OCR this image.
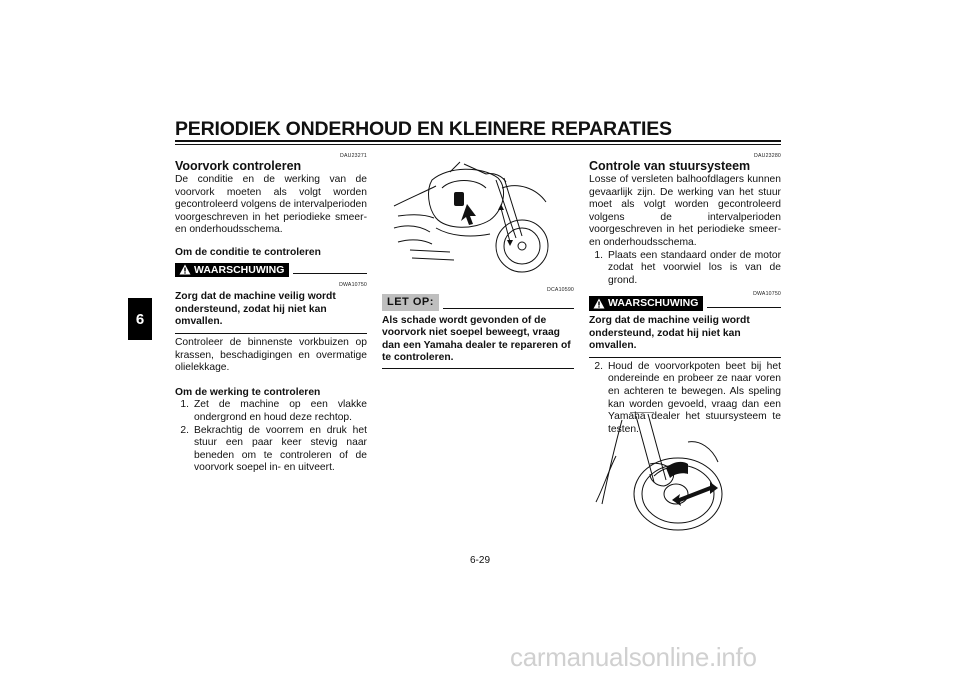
PERIODIEK ONDERHOUD EN KLEINERE REPARATIES
6
DAU23271
Voorvork controleren
De conditie en de werking van de voorvork moeten als volgt worden gecontroleerd volgens de intervalperioden voorgeschreven in het periodieke smeer- en onderhoudsschema.
Om de conditie te controleren
WAARSCHUWING
DWA10750
Zorg dat de machine veilig wordt ondersteund, zodat hij niet kan omvallen.
Controleer de binnenste vorkbuizen op krassen, beschadigingen en overmatige olielekkage.
Om de werking te controleren
1. Zet de machine op een vlakke ondergrond en houd deze rechtop.
2. Bekrachtig de voorrem en druk het stuur een paar keer stevig naar beneden om te controleren of de voorvork soepel in- en uitveert.
DCA10590
LET OP:
Als schade wordt gevonden of de voorvork niet soepel beweegt, vraag dan een Yamaha dealer te repareren of te controleren.
DAU23280
Controle van stuursysteem
Losse of versleten balhoofdlagers kunnen gevaarlijk zijn. De werking van het stuur moet als volgt worden gecontroleerd volgens de intervalperioden voorgeschreven in het periodieke smeer- en onderhoudsschema.
1. Plaats een standaard onder de motor zodat het voorwiel los is van de grond.
DWA10750
WAARSCHUWING
Zorg dat de machine veilig wordt ondersteund, zodat hij niet kan omvallen.
2. Houd de voorvorkpoten beet bij het ondereinde en probeer ze naar voren en achteren te bewegen. Als speling kan worden gevoeld, vraag dan een Yamaha dealer het stuursysteem te testen.
6-29
carmanualsonline.info
